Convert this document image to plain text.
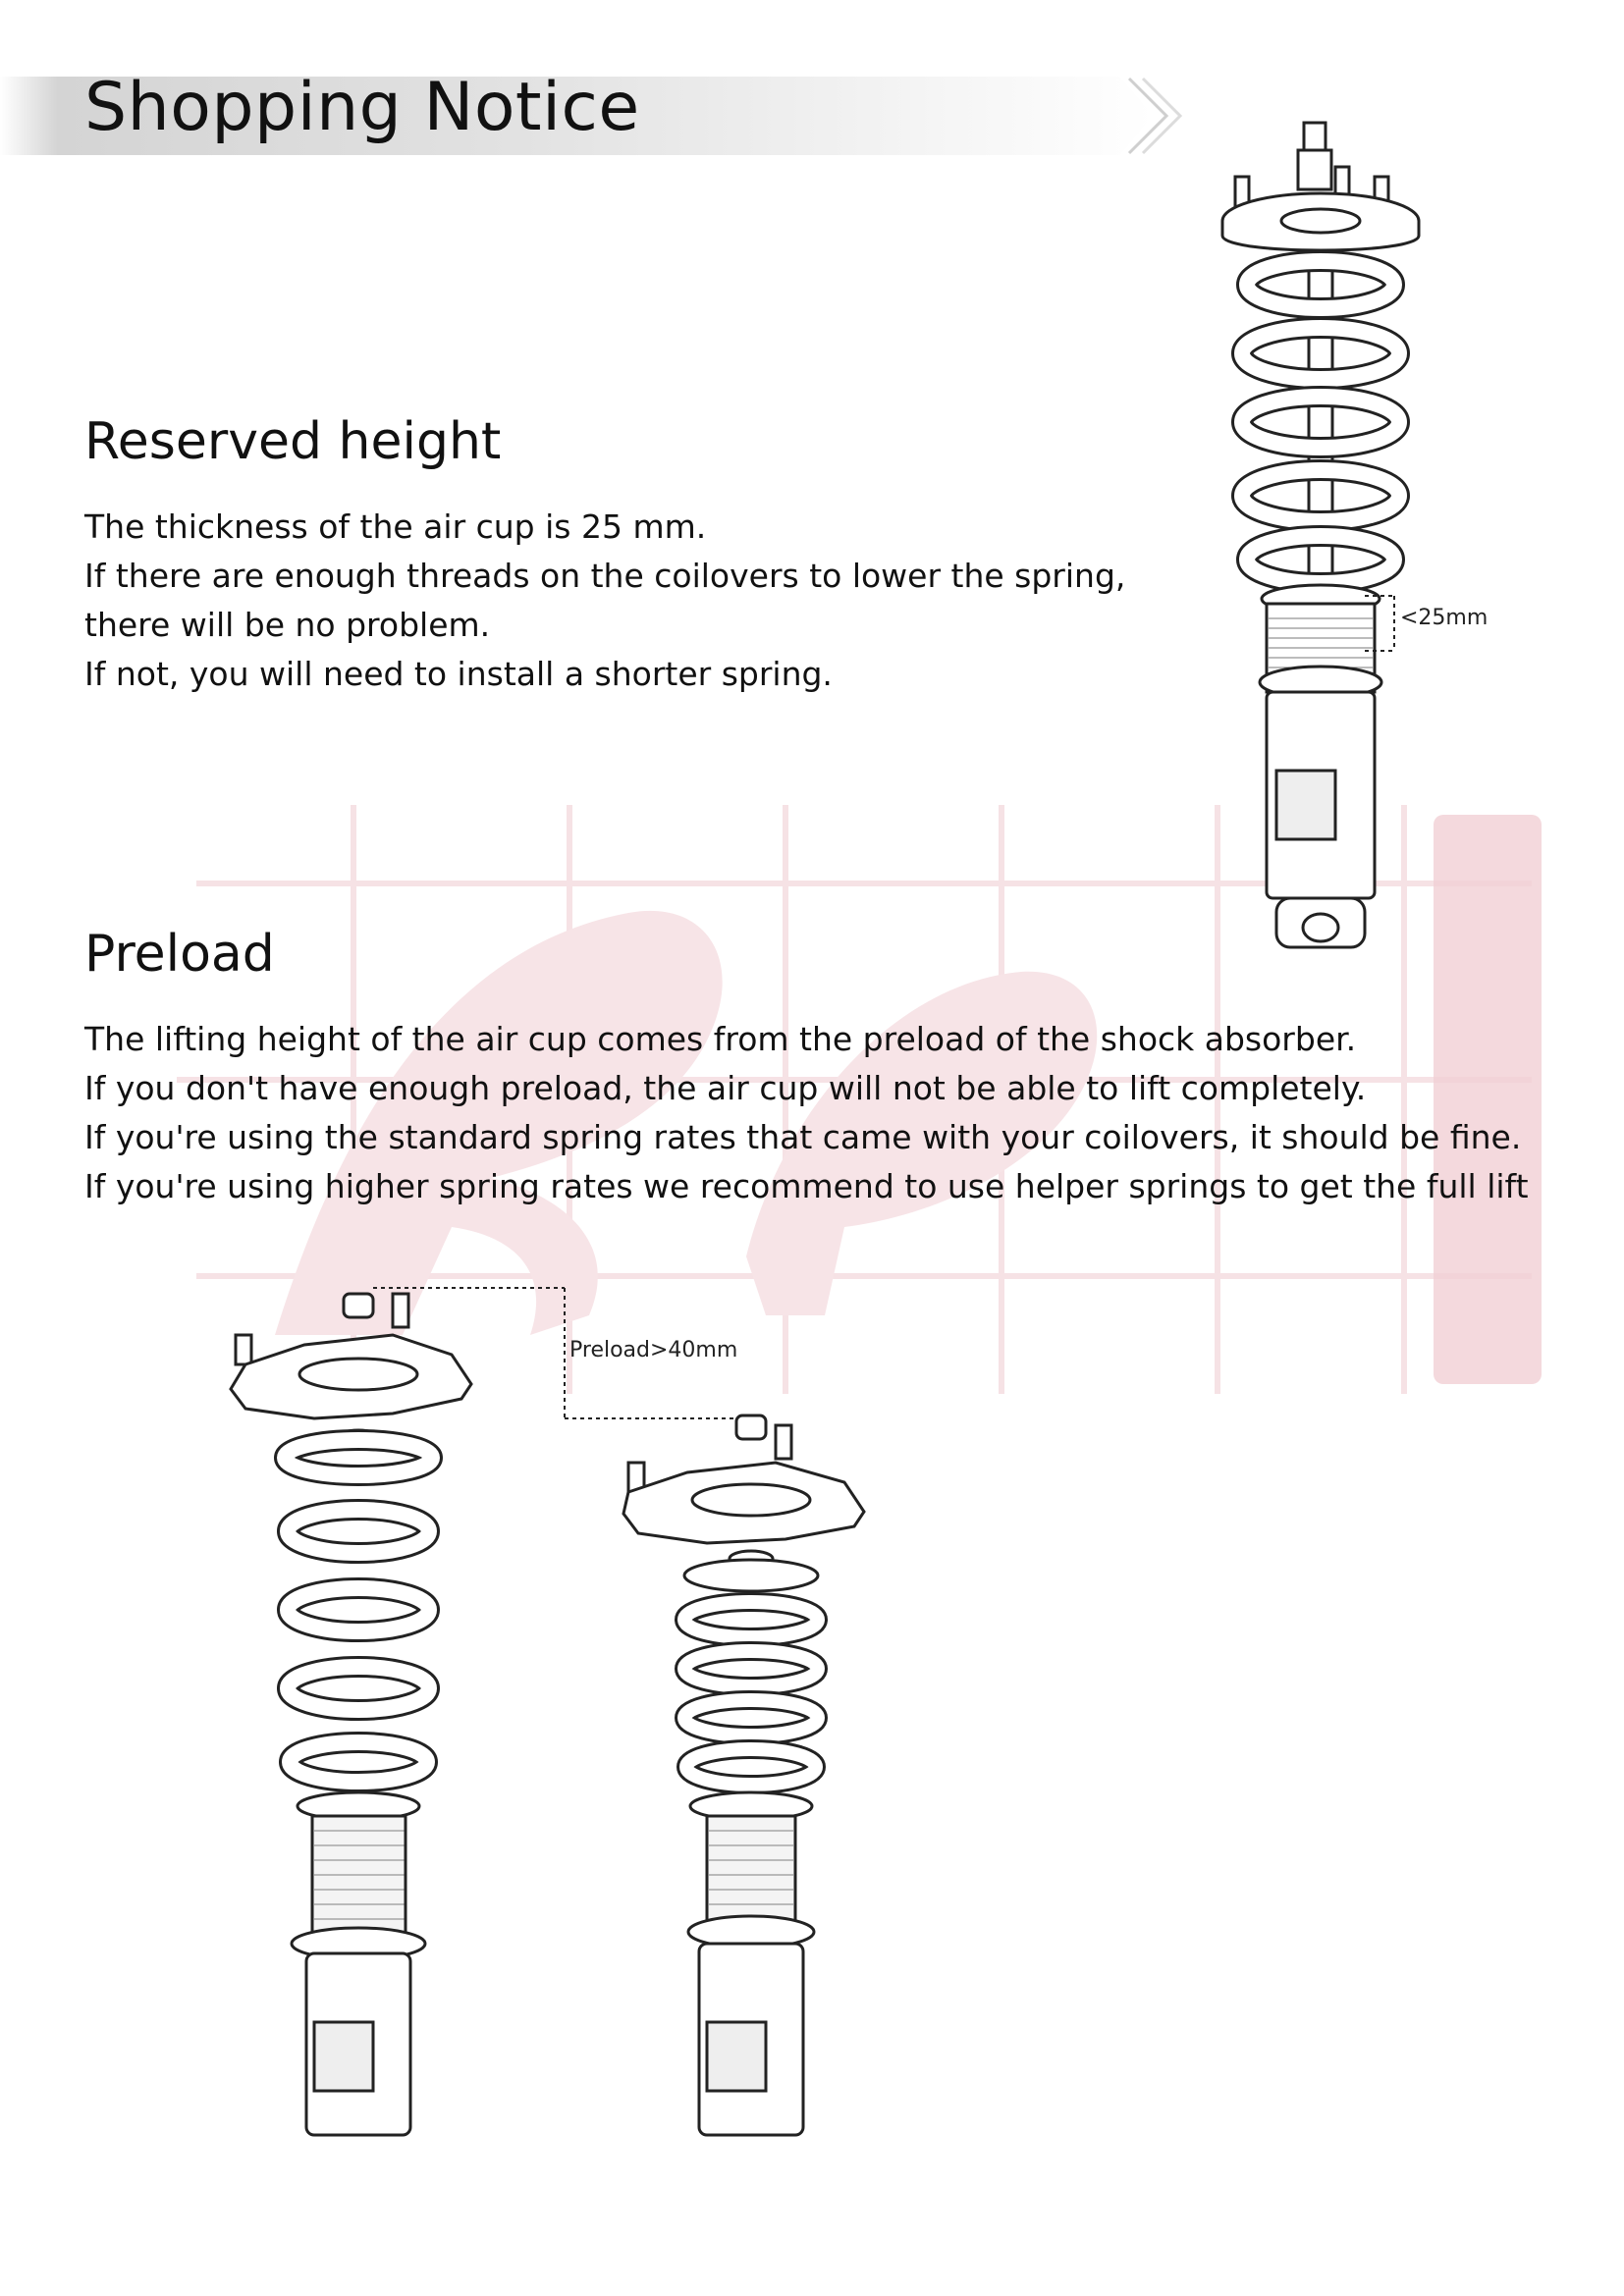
Shopping Notice
Reserved height
The thickness of the air cup is 25 mm.
If there are enough threads on the coilovers to lower the spring,
there will be no problem.
If not, you will need to install a shorter spring.
<25mm
Preload
The lifting height of the air cup comes from the preload of the shock absorber.
If you don't have enough preload, the air cup will not be able to lift completely.
If you're using the standard spring rates that came with your coilovers, it should be fine.
If you're using higher spring rates we recommend to use helper springs to get the full lift
Preload>40mm
